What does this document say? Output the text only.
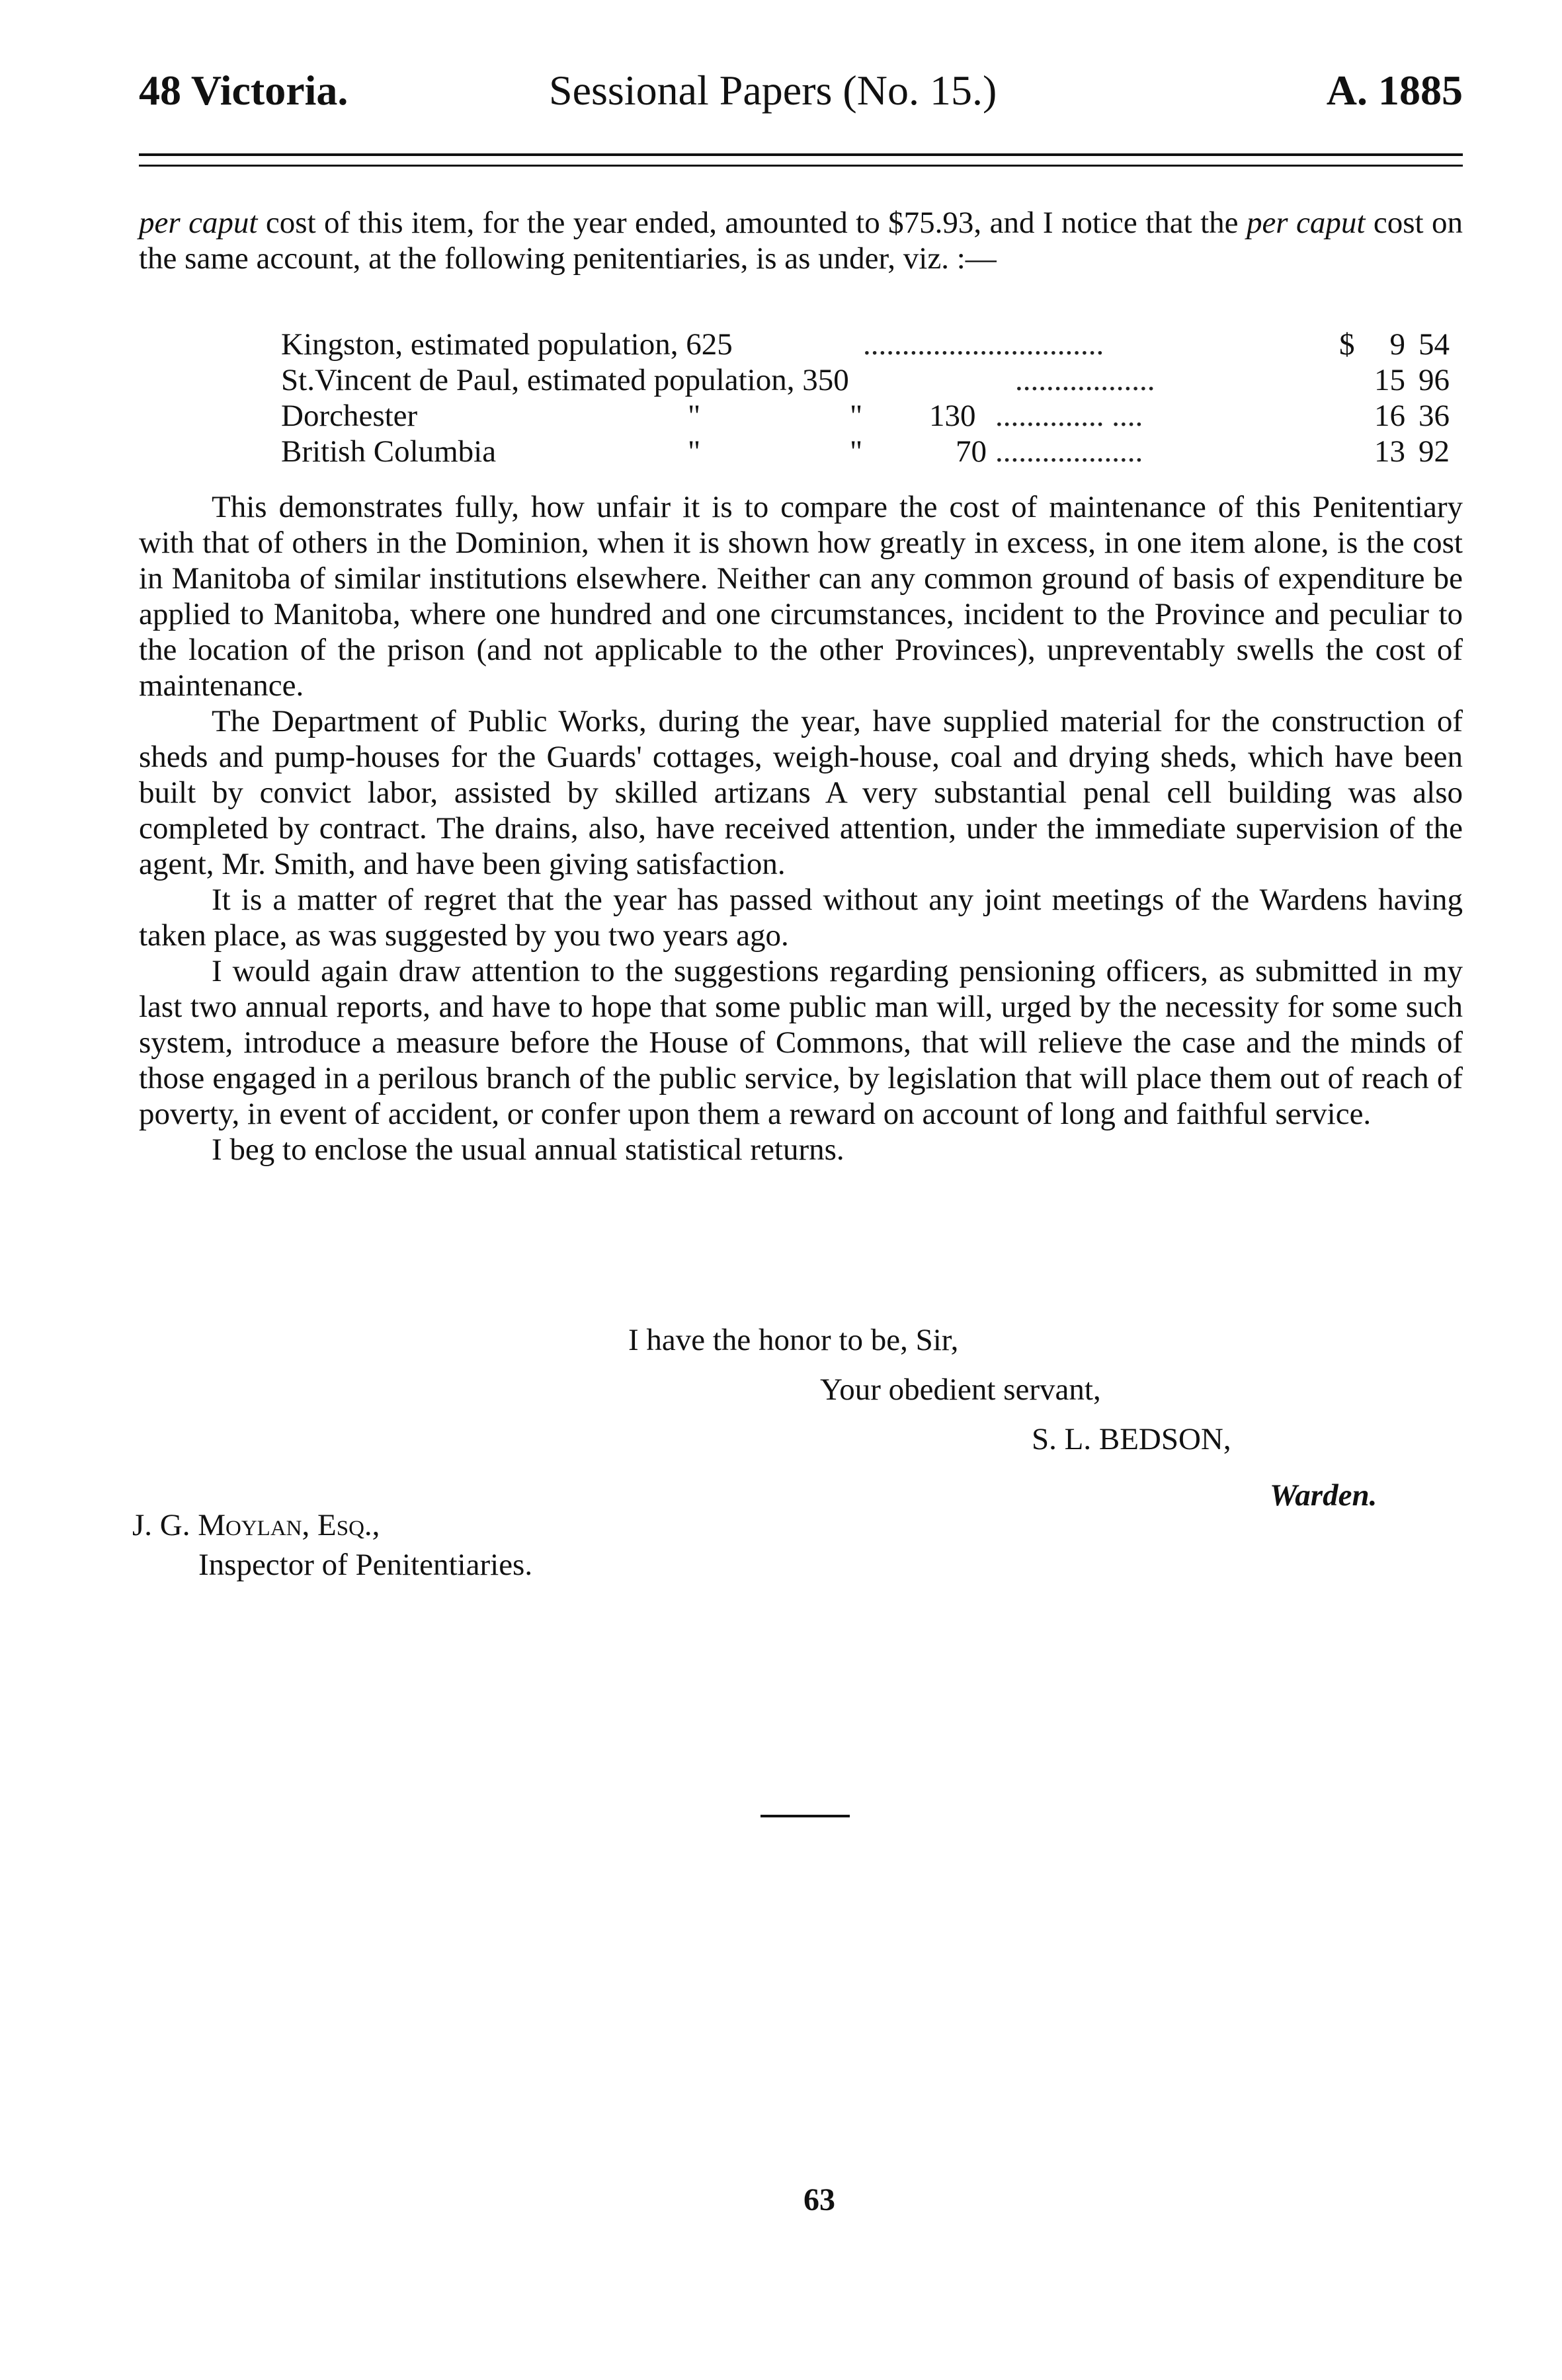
48 Victoria.	Sessional Papers (No. 15.)	A. 1885

per caput cost of this item, for the year ended, amounted to $75.93, and I notice that the per caput cost on the same account, at the following penitentiaries, is as under, viz. :—

Kingston, estimated population, 625	...............................	$	9 54
St.Vincent de Paul, estimated population, 350	..................	15 96
Dorchester	"	" 130 .............. ....	16 36
British Columbia	"	"	70 ...................	13 92

This demonstrates fully, how unfair it is to compare the cost of maintenance of this Penitentiary with that of others in the Dominion, when it is shown how greatly in excess, in one item alone, is the cost in Manitoba of similar institutions elsewhere. Neither can any common ground of basis of expenditure be applied to Manitoba, where one hundred and one circumstances, incident to the Province and peculiar to the location of the prison (and not applicable to the other Provinces), unpreventably swells the cost of maintenance.

The Department of Public Works, during the year, have supplied material for the construction of sheds and pump-houses for the Guards' cottages, weigh-house, coal and drying sheds, which have been built by convict labor, assisted by skilled artizans A very substantial penal cell building was also completed by contract. The drains, also, have received attention, under the immediate supervision of the agent, Mr. Smith, and have been giving satisfaction.

It is a matter of regret that the year has passed without any joint meetings of the Wardens having taken place, as was suggested by you two years ago.

I would again draw attention to the suggestions regarding pensioning officers, as submitted in my last two annual reports, and have to hope that some public man will, urged by the necessity for some such system, introduce a measure before the House of Commons, that will relieve the case and the minds of those engaged in a perilous branch of the public service, by legislation that will place them out of reach of poverty, in event of accident, or confer upon them a reward on account of long and faithful service.

I beg to enclose the usual annual statistical returns.

I have the honor to be, Sir,
Your obedient servant,
S. L. BEDSON,
Warden.
J. G. Moylan, Esq.,
Inspector of Penitentiaries.
63
